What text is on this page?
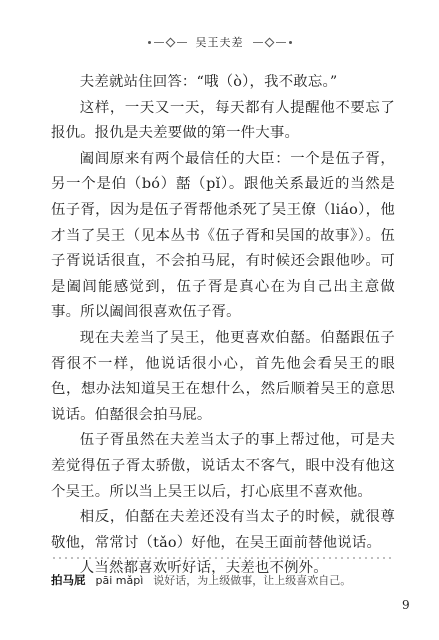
吴王夫差

夫差就站住回答：“哦（ò），我不敢忘。”

这样，一天又一天，每天都有人提醒他不要忘了报仇。报仇是夫差要做的第一件大事。

阖闾原来有两个最信任的大臣：一个是伍子胥，另一个是伯（bó）嚭（pǐ）。跟他关系最近的当然是伍子胥，因为是伍子胥帮他杀死了吴王僚（liáo），他才当了吴王（见本丛书《伍子胥和吴国的故事》）。伍子胥说话很直，不会拍马屁，有时候还会跟他吵。可是阖闾能感觉到，伍子胥是真心在为自己出主意做事。所以阖闾很喜欢伍子胥。

现在夫差当了吴王，他更喜欢伯嚭。伯嚭跟伍子胥很不一样，他说话很小心，首先他会看吴王的眼色，想办法知道吴王在想什么，然后顺着吴王的意思说话。伯嚭很会拍马屁。

伍子胥虽然在夫差当太子的事上帮过他，可是夫差觉得伍子胥太骄傲，说话太不客气，眼中没有他这个吴王。所以当上吴王以后，打心底里不喜欢他。

相反，伯嚭在夫差还没有当太子的时候，就很尊敬他，常常讨（tǎo）好他，在吴王面前替他说话。

人当然都喜欢听好话，夫差也不例外。

拍马屁 pāi mǎpì 说好话，为上级做事，让上级喜欢自己。
9
